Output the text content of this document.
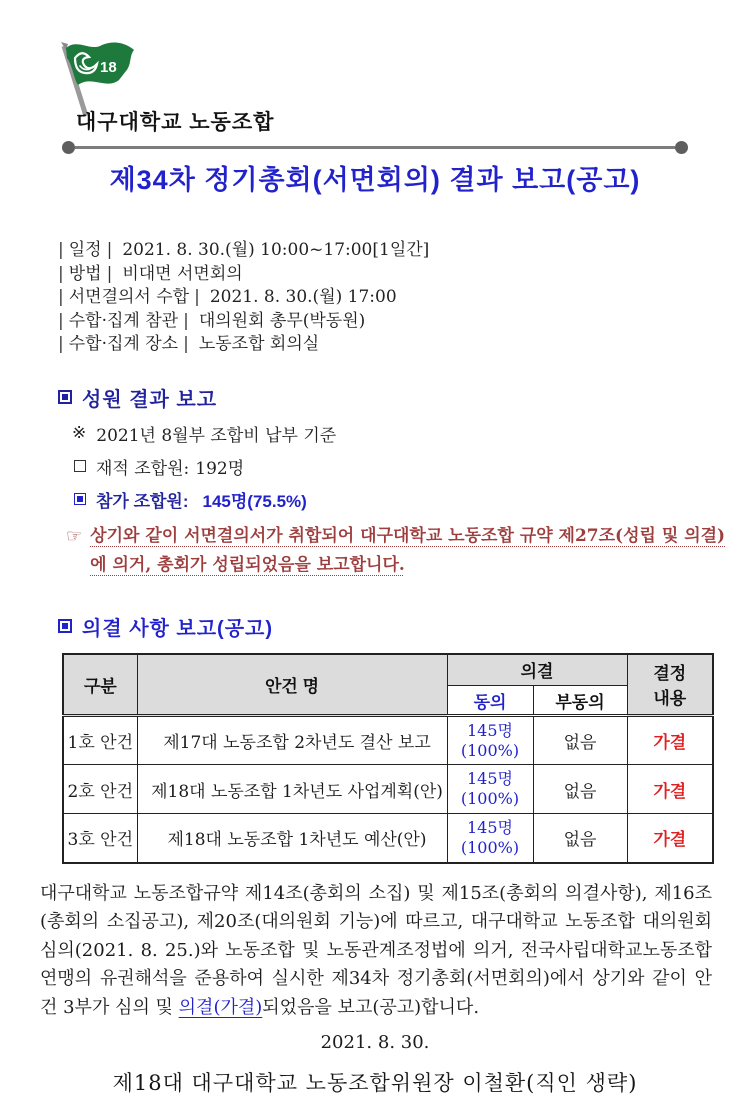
18
대구대학교 노동조합
제34차 정기총회(서면회의) 결과 보고(공고)
| 일정 | 2021. 8. 30.(월) 10:00~17:00[1일간]
| 방법 | 비대면 서면회의
| 서면결의서 수합 | 2021. 8. 30.(월) 17:00
| 수합·집계 참관 | 대의원회 총무(박동원)
| 수합·집계 장소 | 노동조합 회의실
성원 결과 보고
※ 2021년 8월부 조합비 납부 기준
재적 조합원: 192명
참가 조합원: 145명(75.5%)
☞ 상기와 같이 서면결의서가 취합되어 대구대학교 노동조합 규약 제27조(성립 및 의결)에 의거, 총회가 성립되었음을 보고합니다.
의결 사항 보고(공고)
구분	안건 명	의결		결정
내용
		동의	부동의	
1호 안건	제17대 노동조합 2차년도 결산 보고	145명
(100%)	없음	가결
2호 안건	제18대 노동조합 1차년도 사업계획(안)	145명
(100%)	없음	가결
3호 안건	제18대 노동조합 1차년도 예산(안)	145명
(100%)	없음	가결

대구대학교 노동조합규약 제14조(총회의 소집) 및 제15조(총회의 의결사항), 제16조(총회의 소집공고), 제20조(대의원회 기능)에 따르고, 대구대학교 노동조합 대의원회 심의(2021. 8. 25.)와 노동조합 및 노동관계조정법에 의거, 전국사립대학교노동조합연맹의 유권해석을 준용하여 실시한 제34차 정기총회(서면회의)에서 상기와 같이 안건 3부가 심의 및 의결(가결)되었음을 보고(공고)합니다.

2021. 8. 30.
제18대 대구대학교 노동조합위원장 이철환(직인 생략)
